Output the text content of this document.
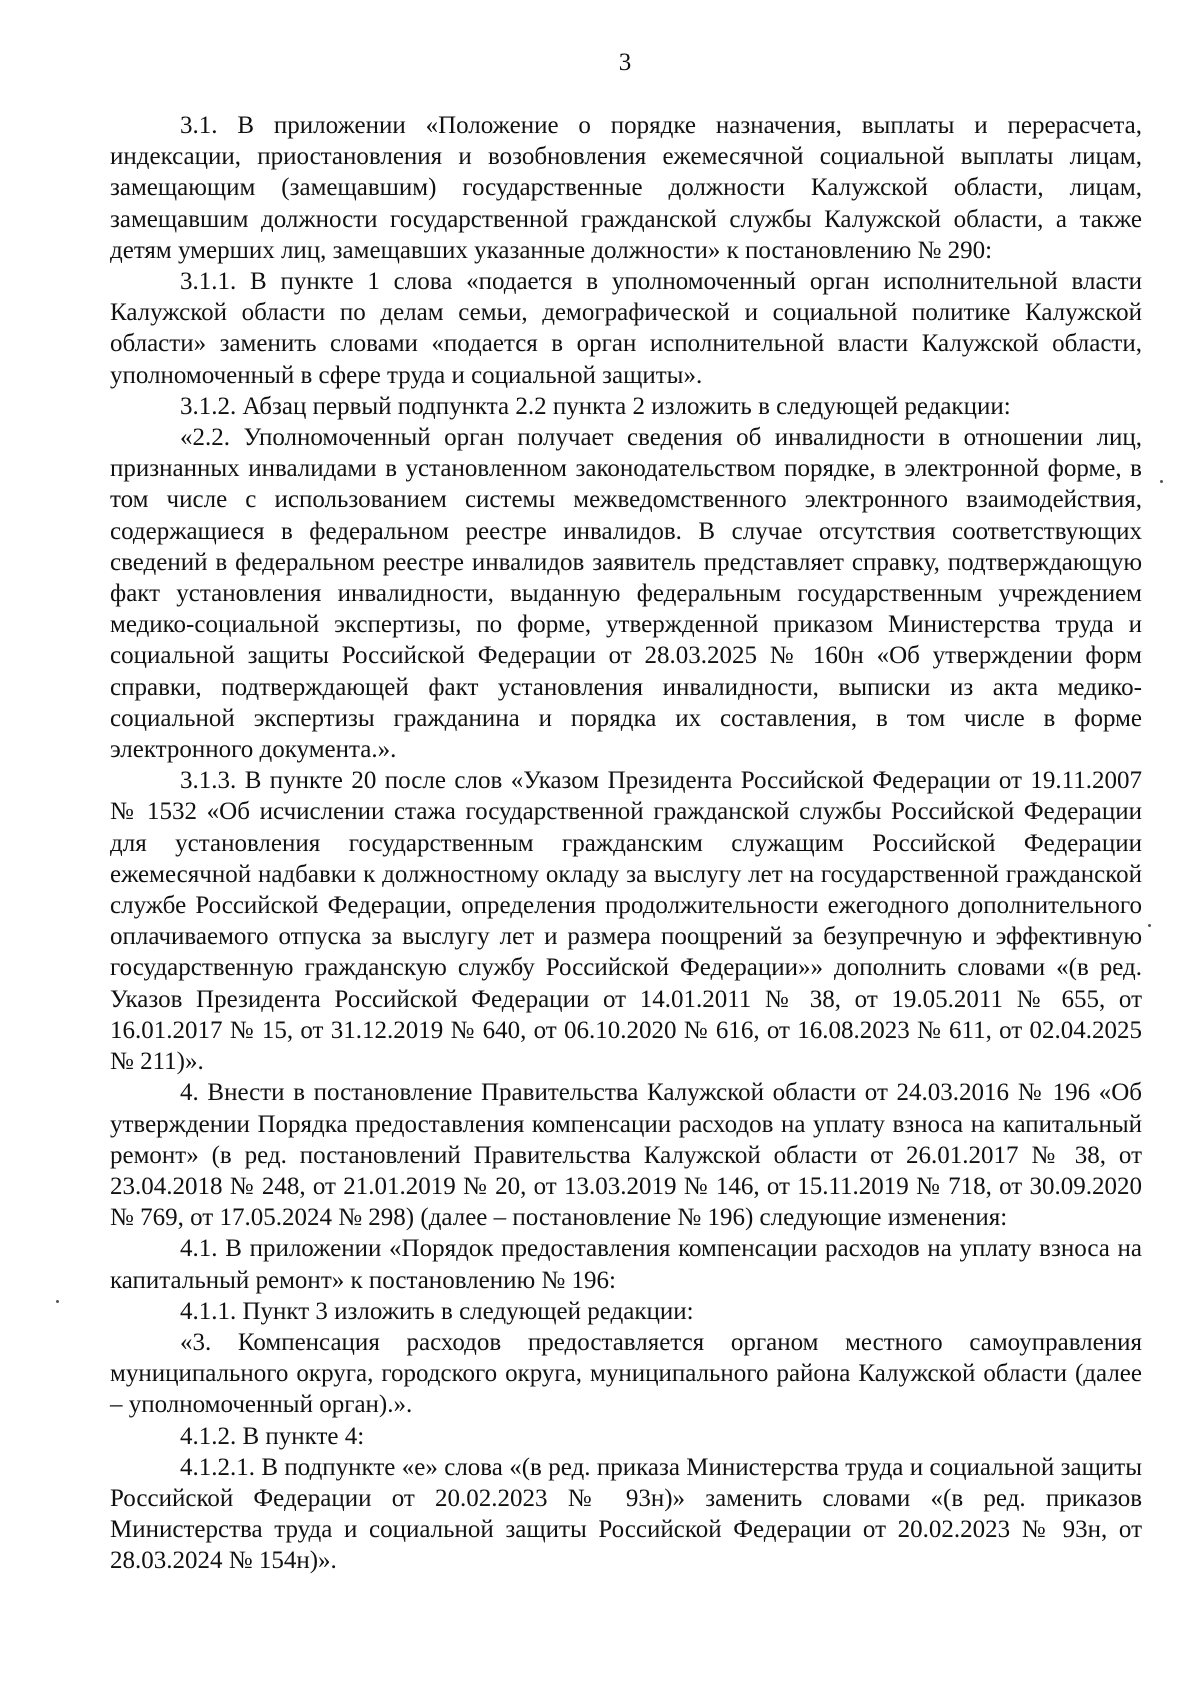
3

3.1. В приложении «Положение о порядке назначения, выплаты и перерасчета, индексации, приостановления и возобновления ежемесячной социальной выплаты лицам, замещающим (замещавшим) государственные должности Калужской области, лицам, замещавшим должности государственной гражданской службы Калужской области, а также детям умерших лиц, замещавших указанные должности» к постановлению № 290:

3.1.1. В пункте 1 слова «подается в уполномоченный орган исполнительной власти Калужской области по делам семьи, демографической и социальной политике Калужской области» заменить словами «подается в орган исполнительной власти Калужской области, уполномоченный в сфере труда и социальной защиты».

3.1.2. Абзац первый подпункта 2.2 пункта 2 изложить в следующей редакции:

«2.2. Уполномоченный орган получает сведения об инвалидности в отношении лиц, признанных инвалидами в установленном законодательством порядке, в электронной форме, в том числе с использованием системы межведомственного электронного взаимодействия, содержащиеся в федеральном реестре инвалидов. В случае отсутствия соответствующих сведений в федеральном реестре инвалидов заявитель представляет справку, подтверждающую факт установления инвалидности, выданную федеральным государственным учреждением медико-социальной экспертизы, по форме, утвержденной приказом Министерства труда и социальной защиты Российской Федерации от 28.03.2025 № 160н «Об утверждении форм справки, подтверждающей факт установления инвалидности, выписки из акта медико-социальной экспертизы гражданина и порядка их составления, в том числе в форме электронного документа.».

3.1.3. В пункте 20 после слов «Указом Президента Российской Федерации от 19.11.2007 № 1532 «Об исчислении стажа государственной гражданской службы Российской Федерации для установления государственным гражданским служащим Российской Федерации ежемесячной надбавки к должностному окладу за выслугу лет на государственной гражданской службе Российской Федерации, определения продолжительности ежегодного дополнительного оплачиваемого отпуска за выслугу лет и размера поощрений за безупречную и эффективную государственную гражданскую службу Российской Федерации»» дополнить словами «(в ред. Указов Президента Российской Федерации от 14.01.2011 № 38, от 19.05.2011 № 655, от 16.01.2017 № 15, от 31.12.2019 № 640, от 06.10.2020 № 616, от 16.08.2023 № 611, от 02.04.2025 № 211)».

4. Внести в постановление Правительства Калужской области от 24.03.2016 № 196 «Об утверждении Порядка предоставления компенсации расходов на уплату взноса на капитальный ремонт» (в ред. постановлений Правительства Калужской области от 26.01.2017 № 38, от 23.04.2018 № 248, от 21.01.2019 № 20, от 13.03.2019 № 146, от 15.11.2019 № 718, от 30.09.2020 № 769, от 17.05.2024 № 298) (далее – постановление № 196) следующие изменения:

4.1. В приложении «Порядок предоставления компенсации расходов на уплату взноса на капитальный ремонт» к постановлению № 196:

4.1.1. Пункт 3 изложить в следующей редакции:

«3. Компенсация расходов предоставляется органом местного самоуправления муниципального округа, городского округа, муниципального района Калужской области (далее – уполномоченный орган).».

4.1.2. В пункте 4:

4.1.2.1. В подпункте «е» слова «(в ред. приказа Министерства труда и социальной защиты Российской Федерации от 20.02.2023 № 93н)» заменить словами «(в ред. приказов Министерства труда и социальной защиты Российской Федерации от 20.02.2023 № 93н, от 28.03.2024 № 154н)».
